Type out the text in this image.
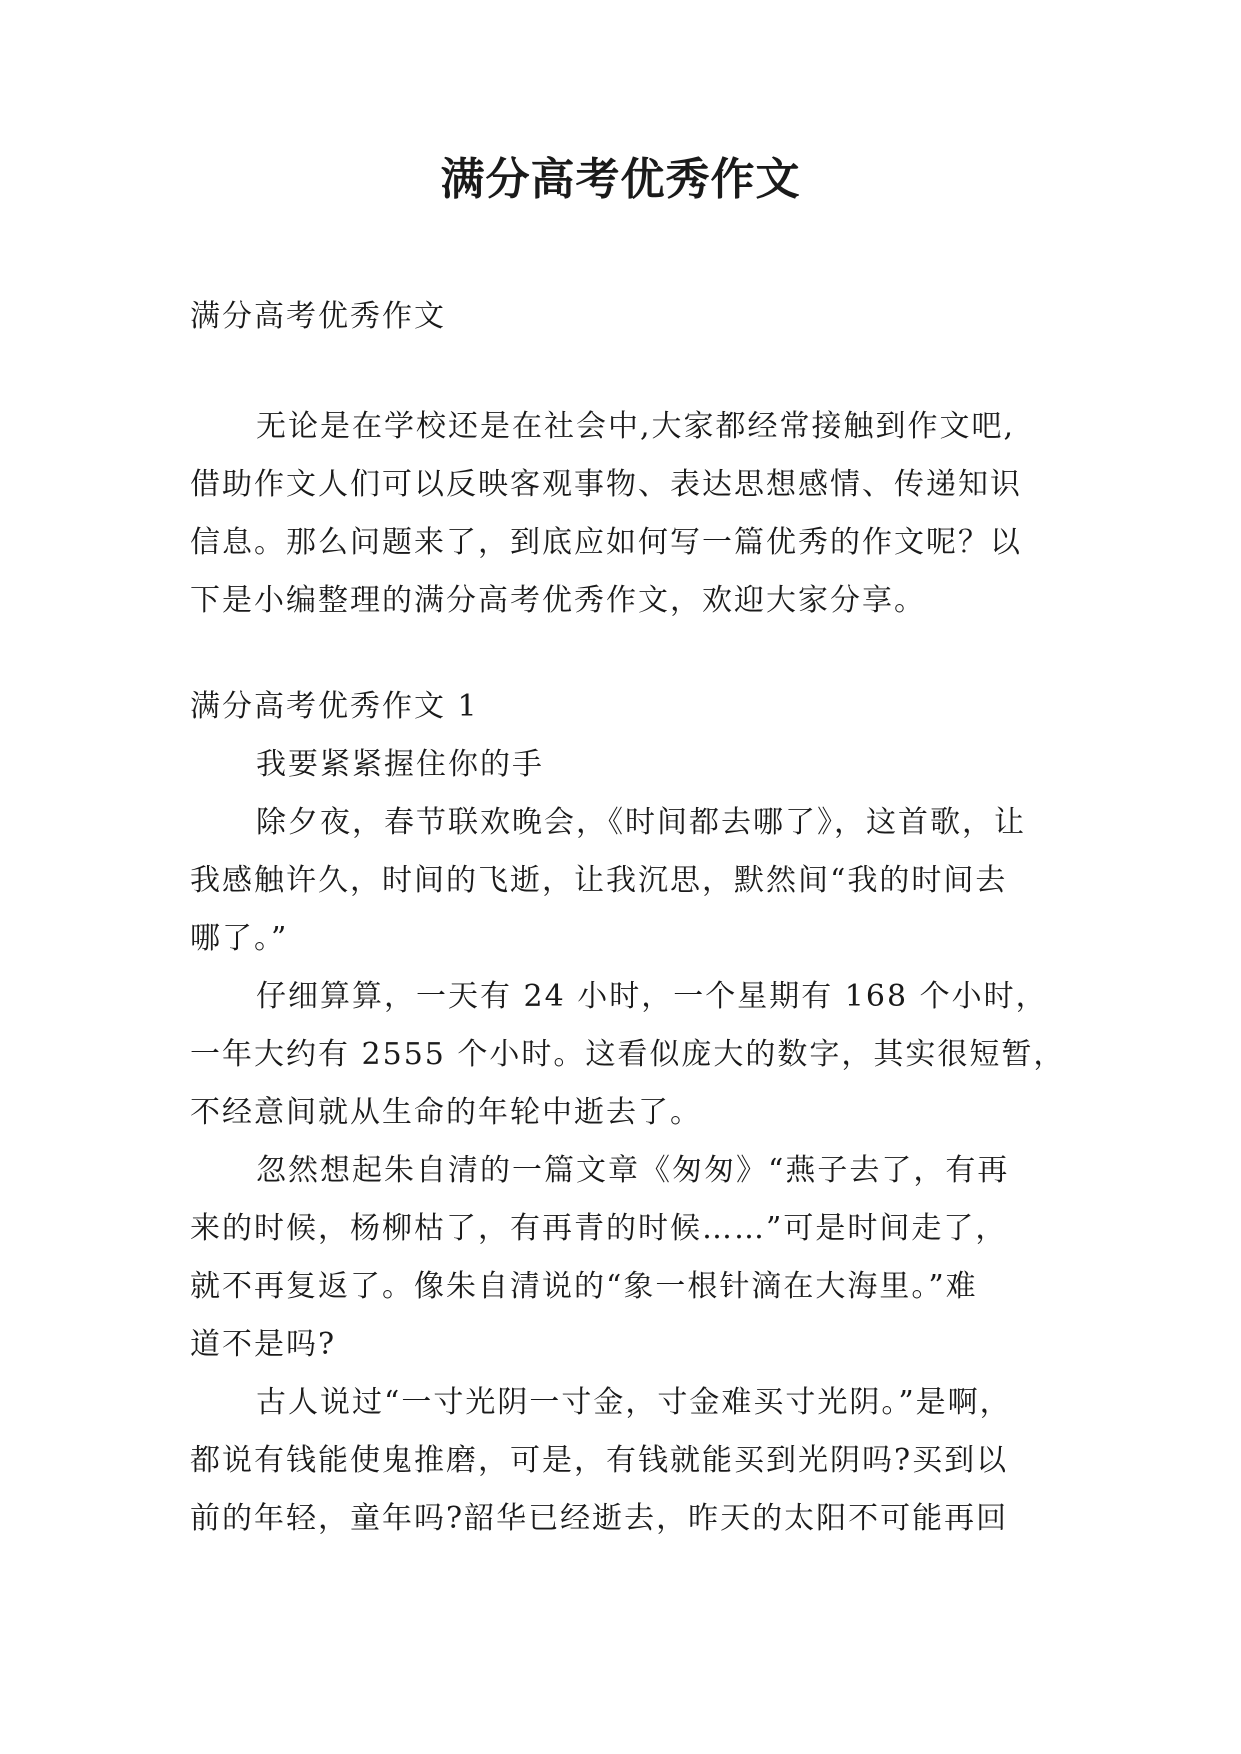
满分高考优秀作文
满分高考优秀作文
无论是在学校还是在社会中,大家都经常接触到作文吧,
借助作文人们可以反映客观事物、表达思想感情、传递知识
信息。那么问题来了，到底应如何写一篇优秀的作文呢？以
下是小编整理的满分高考优秀作文，欢迎大家分享。
满分高考优秀作文 1
我要紧紧握住你的手
除夕夜，春节联欢晚会，《时间都去哪了》，这首歌，让
我感触许久，时间的飞逝，让我沉思，默然间“我的时间去
哪了。”
仔细算算，一天有 24 小时，一个星期有 168 个小时，
一年大约有 2555 个小时。这看似庞大的数字，其实很短暂，
不经意间就从生命的年轮中逝去了。
忽然想起朱自清的一篇文章《匆匆》“燕子去了，有再
来的时候，杨柳枯了，有再青的时候……”可是时间走了，
就不再复返了。像朱自清说的“象一根针滴在大海里。”难
道不是吗?
古人说过“一寸光阴一寸金，寸金难买寸光阴。”是啊，
都说有钱能使鬼推磨，可是，有钱就能买到光阴吗?买到以
前的年轻，童年吗?韶华已经逝去，昨天的太阳不可能再回
